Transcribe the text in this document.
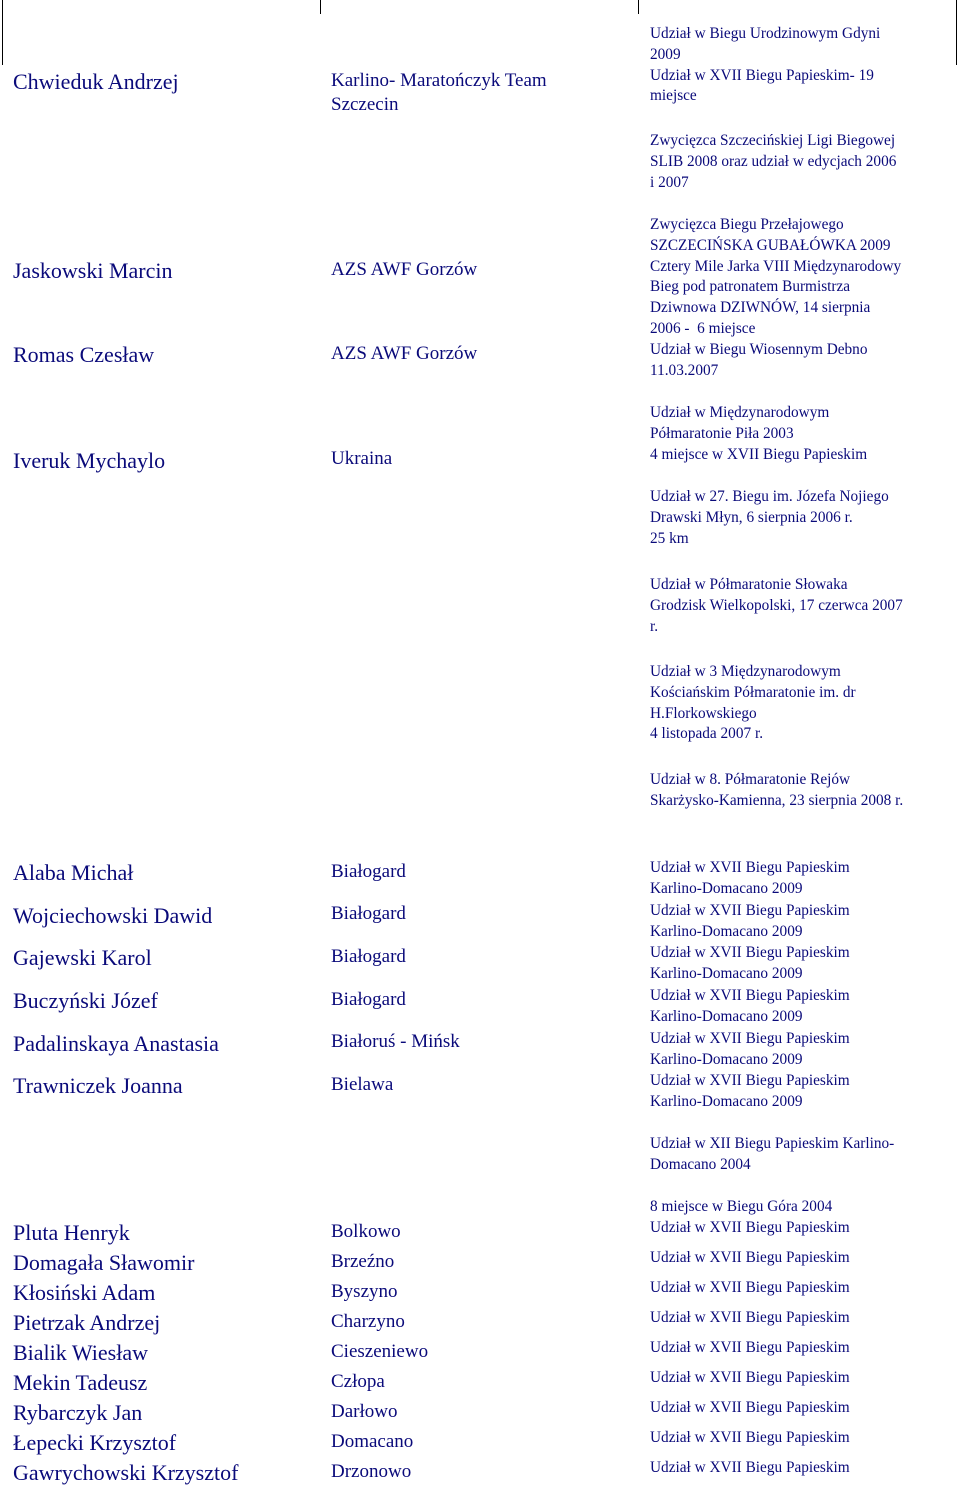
Chwieduk Andrzej
Jaskowski Marcin
Romas Czesław
Iveruk Mychaylo
Alaba Michał
Wojciechowski Dawid
Gajewski Karol
Buczyński Józef
Padalinskaya Anastasia
Trawniczek Joanna
Pluta Henryk
Domagała Sławomir
Kłosiński Adam
Pietrzak Andrzej
Bialik Wiesław
Mekin Tadeusz
Rybarczyk Jan
Łepecki Krzysztof
Gawrychowski Krzysztof
Karlino- Maratończyk Team
Szczecin
AZS AWF Gorzów
AZS AWF Gorzów
Ukraina
Białogard
Białogard
Białogard
Białogard
Białoruś - Mińsk
Bielawa
Bolkowo
Brzeźno
Byszyno
Charzyno
Cieszeniewo
Człopa
Darłowo
Domacano
Drzonowo
Udział w Biegu Urodzinowym Gdyni
2009
Udział w XVII Biegu Papieskim- 19
miejsce
Zwycięzca Szczecińskiej Ligi Biegowej
SLIB 2008 oraz udział w edycjach 2006
i 2007
Zwycięzca Biegu Przełajowego
SZCZECIŃSKA GUBAŁÓWKA 2009
Cztery Mile Jarka VIII Międzynarodowy
Bieg pod patronatem Burmistrza
Dziwnowa DZIWNÓW, 14 sierpnia
2006 -  6 miejsce
Udział w Biegu Wiosennym Debno
11.03.2007
Udział w Międzynarodowym
Półmaratonie Piła 2003
4 miejsce w XVII Biegu Papieskim
Udział w 27. Biegu im. Józefa Nojiego
Drawski Młyn, 6 sierpnia 2006 r.
25 km
Udział w Półmaratonie Słowaka
Grodzisk Wielkopolski, 17 czerwca 2007
r.
Udział w 3 Międzynarodowym
Kościańskim Półmaratonie im. dr
H.Florkowskiego
4 listopada 2007 r.
Udział w 8. Półmaratonie Rejów
Skarżysko-Kamienna, 23 sierpnia 2008 r.
Udział w XVII Biegu Papieskim
Karlino-Domacano 2009
Udział w XVII Biegu Papieskim
Karlino-Domacano 2009
Udział w XVII Biegu Papieskim
Karlino-Domacano 2009
Udział w XVII Biegu Papieskim
Karlino-Domacano 2009
Udział w XVII Biegu Papieskim
Karlino-Domacano 2009
Udział w XVII Biegu Papieskim
Karlino-Domacano 2009
Udział w XII Biegu Papieskim Karlino-
Domacano 2004
8 miejsce w Biegu Góra 2004
Udział w XVII Biegu Papieskim
Udział w XVII Biegu Papieskim
Udział w XVII Biegu Papieskim
Udział w XVII Biegu Papieskim
Udział w XVII Biegu Papieskim
Udział w XVII Biegu Papieskim
Udział w XVII Biegu Papieskim
Udział w XVII Biegu Papieskim
Udział w XVII Biegu Papieskim
